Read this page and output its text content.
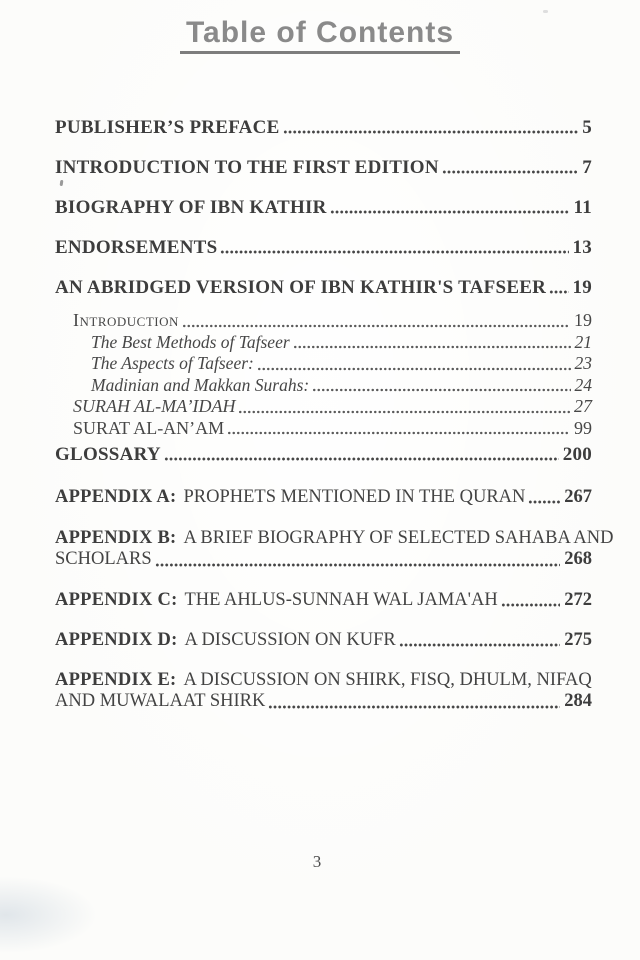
Table of Contents
PUBLISHER’S PREFACE	5
INTRODUCTION TO THE FIRST EDITION	7
BIOGRAPHY OF IBN KATHIR	11
ENDORSEMENTS	13
AN ABRIDGED VERSION OF IBN KATHIR'S TAFSEER 19
Introduction	19
The Best Methods of Tafseer	21
The Aspects of Tafseer:	23
Madinian and Makkan Surahs:	24
SURAH AL-MA’IDAH	27
SURAT AL-AN’AM	99
GLOSSARY	200
APPENDIX A: PROPHETS MENTIONED IN THE QURAN 267
APPENDIX B: A BRIEF BIOGRAPHY OF SELECTED SAHABA AND
SCHOLARS	268
APPENDIX C: THE AHLUS-SUNNAH WAL JAMA'AH	272
APPENDIX D: A DISCUSSION ON KUFR	275
APPENDIX E: A DISCUSSION ON SHIRK, FISQ, DHULM, NIFAQ
AND MUWALAAT SHIRK	284
3
